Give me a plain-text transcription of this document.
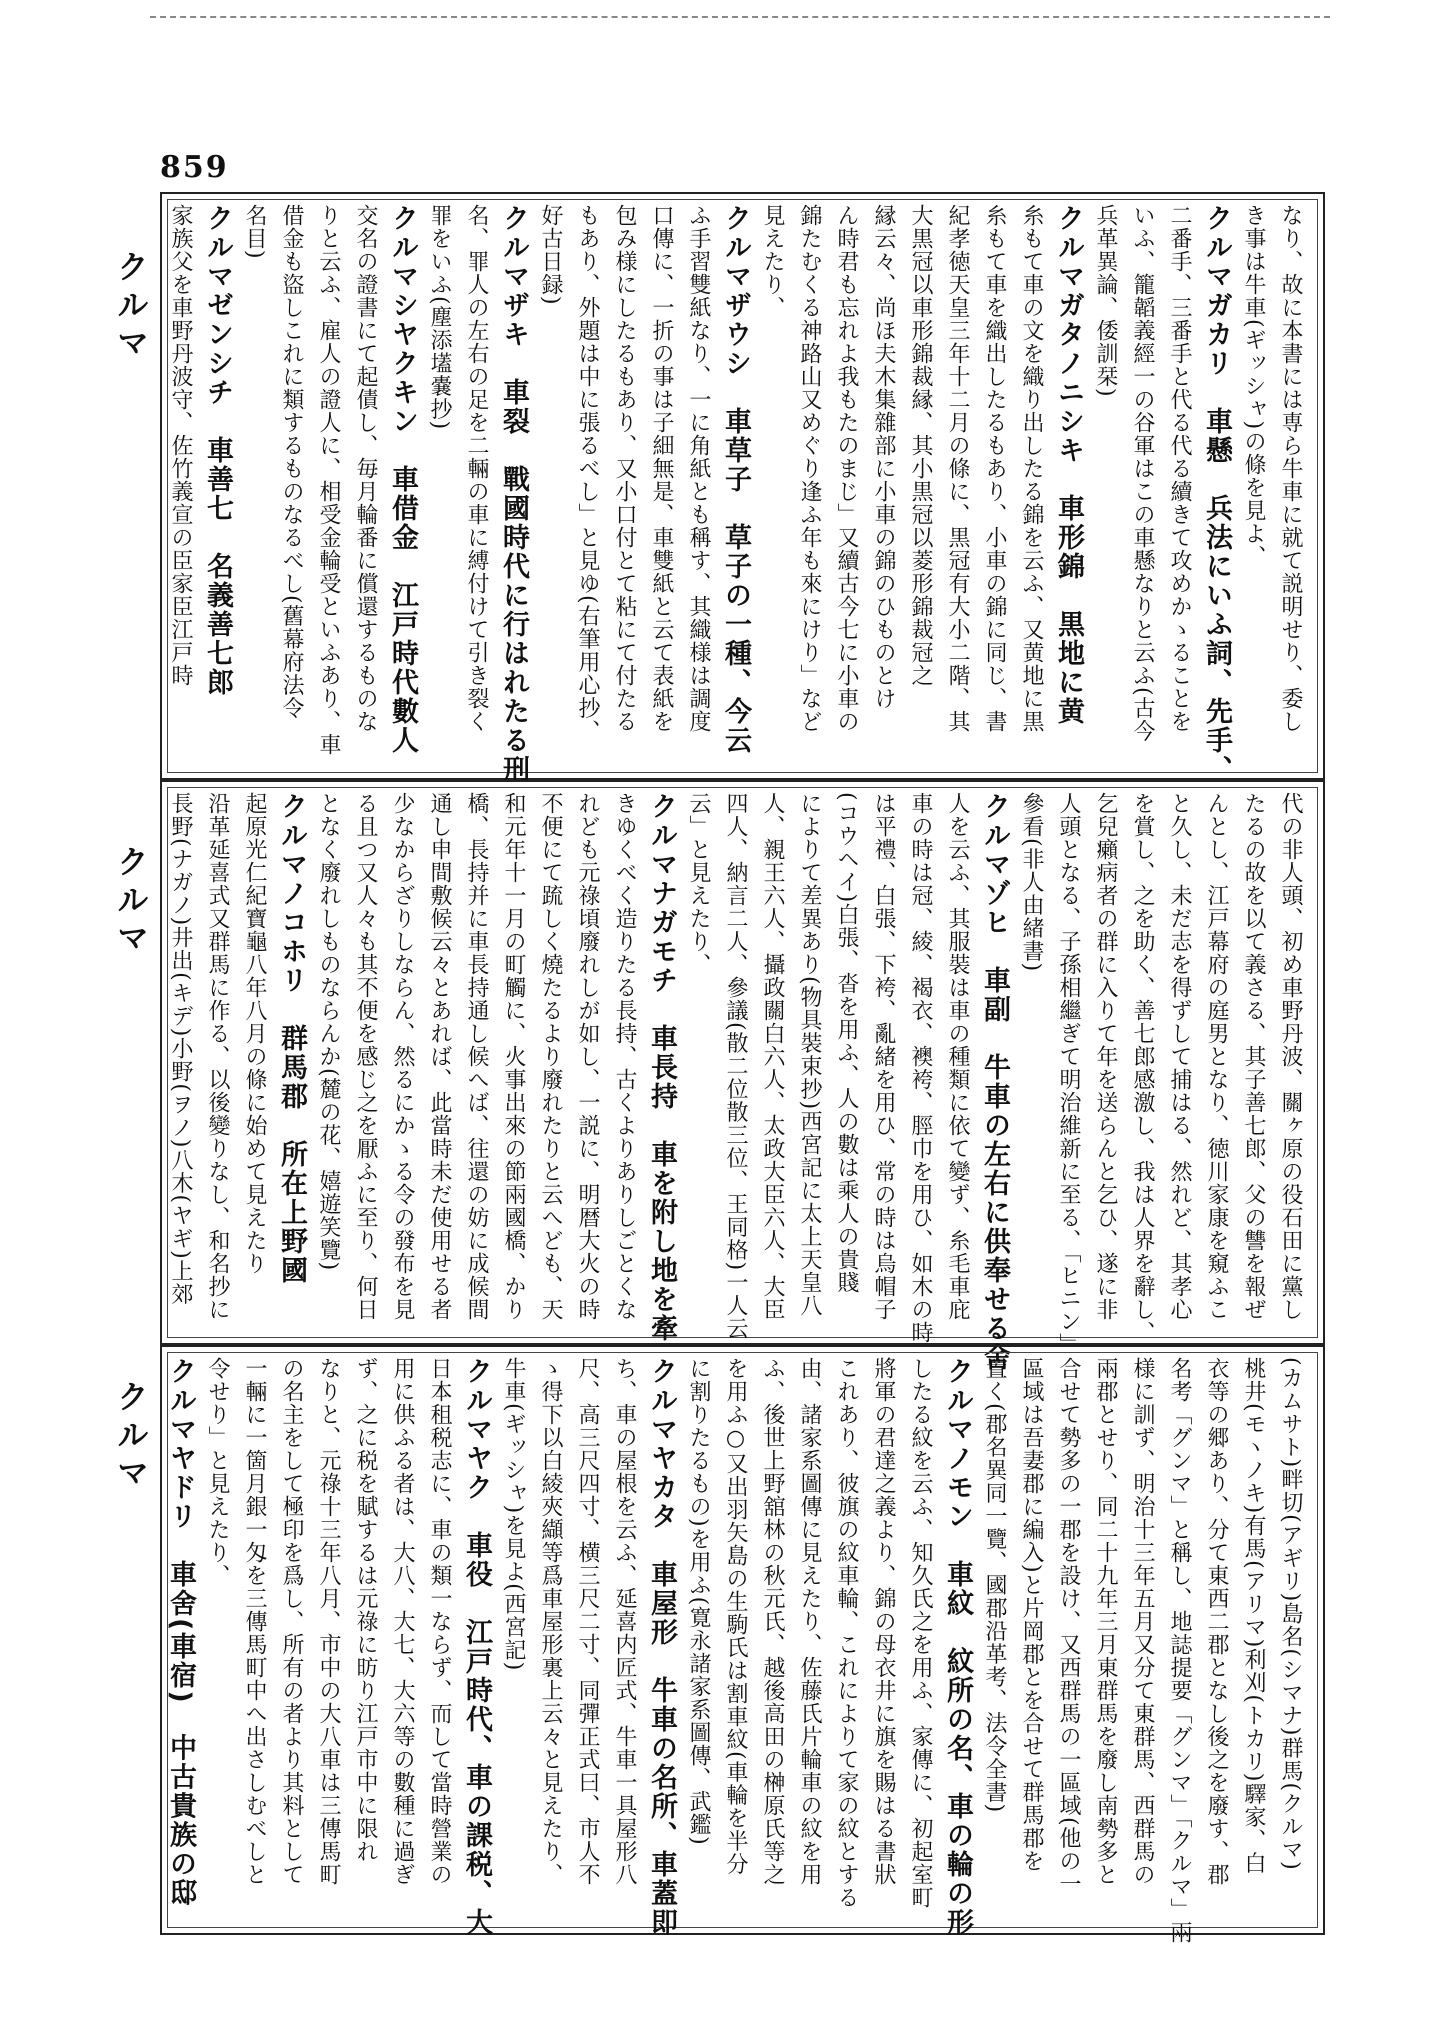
859
クルマ
クルマ
クルマ
なり、故に本書には専ら牛車に就て説明せり、委し
き事は牛車(ギッシャ)の條を見よ、
クルマガカリ　車懸　兵法にいふ詞、先手、
二番手、三番手と代る代る續きて攻めかゝることを
いふ、籠韜義經一の谷軍はこの車懸なりと云ふ(古今
兵革異論、倭訓栞)
クルマガタノニシキ　車形錦　黒地に黄
糸もて車の文を織り出したる錦を云ふ、又黄地に黒
糸もて車を織出したるもあり、小車の錦に同じ、書
紀孝徳天皇三年十二月の條に、黒冠有大小二階、其
大黒冠以車形錦裁縁、其小黒冠以菱形錦裁冠之
縁云々、尚ほ夫木集雜部に小車の錦のひものとけ
ん時君も忘れよ我もたのまじ」又續古今七に小車の
錦たむくる神路山又めぐり逢ふ年も來にけり」など
見えたり、
クルマザウシ　車草子　草子の一種、今云
ふ手習雙紙なり、一に角紙とも稱す、其織様は調度
口傳に、一折の事は子細無是、車雙紙と云て表紙を
包み様にしたるもあり、又小口付とて粘にて付たる
もあり、外題は中に張るべし」と見ゆ(右筆用心抄、
好古日録)
クルマザキ　車裂　戰國時代に行はれたる刑
名、罪人の左右の足を二輛の車に縛付けて引き裂く
罪をいふ(塵添壒嚢抄)
クルマシヤクキン　車借金　江戸時代數人
交名の證書にて起債し、毎月輪番に償還するものな
りと云ふ、雇人の證人に、相受金輪受といふあり、車
借金も盜しこれに類するものなるべし(舊幕府法令
名目)
クルマゼンシチ　車善七　名義善七郎
家族父を車野丹波守、佐竹義宣の臣家臣江戸時
代の非人頭、初め車野丹波、關ヶ原の役石田に黨し
たるの故を以て義さる、其子善七郎、父の讐を報ぜ
んとし、江戸幕府の庭男となり、徳川家康を窺ふこ
と久し、未だ志を得ずして捕はる、然れど、其孝心
を賞し、之を助く、善七郎感激し、我は人界を辭し、
乞兒癩病者の群に入りて年を送らんと乞ひ、遂に非
人頭となる、子孫相繼ぎて明治維新に至る、「ヒニン」
參看(非人由緒書)
クルマゾヒ　車副　牛車の左右に供奉せる舍
人を云ふ、其服裝は車の種類に依て變ず、糸毛車庇
車の時は冠、綾、褐衣、襖袴、脛巾を用ひ、如木の時
は平禮、白張、下袴、亂緒を用ひ、常の時は烏帽子
(コウヘイ)白張、沓を用ふ、人の數は乘人の貴賤
によりて差異あり(物具裝束抄)西宮記に太上天皇八
人、親王六人、攝政關白六人、太政大臣六人、大臣
四人、納言二人、參議(散二位散三位、王同格)一人云
云」と見えたり、
クルマナガモチ　車長持　車を附し地を牽
きゆくべく造りたる長持、古くよりありしごとくな
れども元祿頃廢れしが如し、一説に、明暦大火の時
不便にて䟽しく燒たるより廢れたりと云へども、天
和元年十一月の町觸に、火事出來の節兩國橋、かり
橋、長持并に車長持通し候へば、往還の妨に成候間
通し申間敷候云々とあれば、此當時未だ使用せる者
少なからざりしならん、然るにかゝる令の發布を見
る且つ又人々も其不便を感じ之を厭ふに至り、何日
となく廢れしものならんか(麓の花、嬉遊笑覽)
クルマノコホリ　群馬郡　所在上野國
起原光仁紀寶龜八年八月の條に始めて見えたり
沿革延喜式又群馬に作る、以後變りなし、和名抄に
長野(ナガノ)井出(キデ)小野(ヲノ)八木(ヤギ)上郊
(カムサト)畔切(アギリ)島名(シマナ)群馬(クルマ)
桃井(モヽノキ)有馬(アリマ)利刈(トカリ)驛家、白
衣等の郷あり、分て東西二郡となし後之を廢す、郡
名考「グンマ」と稱し、地誌提要「グンマ」「クルマ」兩
様に訓ず、明治十三年五月又分て東群馬、西群馬の
兩郡とせり、同二十九年三月東群馬を廢し南勢多と
合せて勢多の一郡を設け、又西群馬の一區域(他の一
區域は吾妻郡に編入)と片岡郡とを合せて群馬郡を
置く(郡名異同一覽、國郡沿革考、法令全書)
クルマノモン　車紋　紋所の名、車の輪の形
したる紋を云ふ、知久氏之を用ふ、家傳に、初起室町
將軍の君達之義より、錦の母衣井に旗を賜はる書狀
これあり、彼旗の紋車輪、これによりて家の紋とする
由、諸家系圖傳に見えたり、佐藤氏片輪車の紋を用
ふ、後世上野舘林の秋元氏、越後高田の榊原氏等之
を用ふ○又出羽矢島の生駒氏は割車紋(車輪を半分
に割りたるもの)を用ふ(寛永諸家系圖傳、武鑑)
クルマヤカタ　車屋形　牛車の名所、車蓋即
ち、車の屋根を云ふ、延喜内匠式、牛車一具屋形八
尺、高三尺四寸、横三尺二寸、同彈正式曰、市人不
ゝ得下以白綾夾纈等爲車屋形裏上云々と見えたり、
牛車(ギッシャ)を見よ(西宮記)
クルマヤク　車役　江戸時代、車の課税、大
日本租税志に、車の類一ならず、而して當時營業の
用に供ふる者は、大八、大七、大六等の數種に過ぎ
ず、之に税を賦するは元祿に昉り江戸市中に限れ
なりと、元祿十三年八月、市中の大八車は三傳馬町
の名主をして極印を爲し、所有の者より其料として
一輛に一箇月銀一匁を三傳馬町中へ出さしむべしと
令せり」と見えたり、
クルマヤドリ　車舍(車宿)　中古貴族の邸
